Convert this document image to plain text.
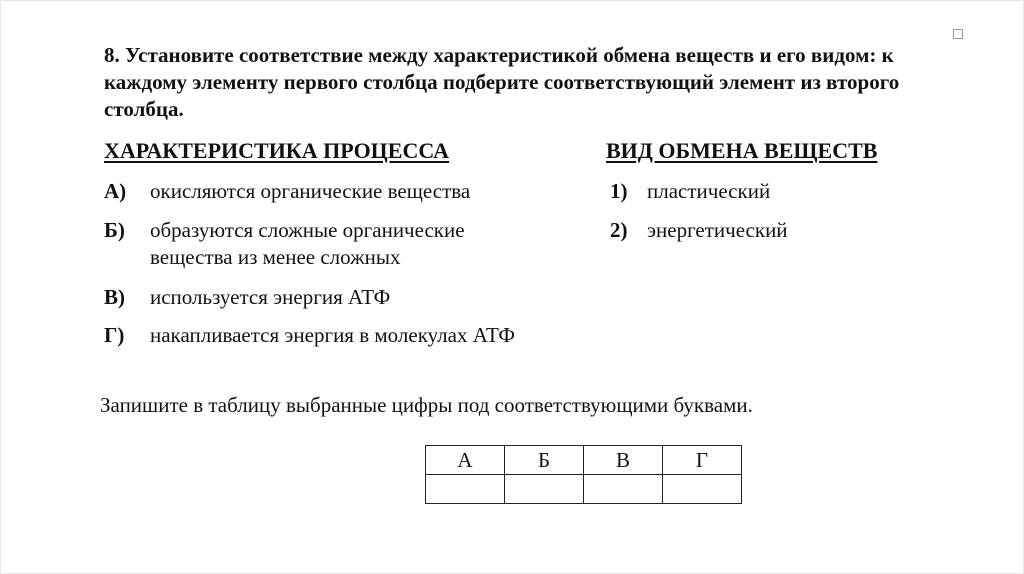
8. Установите соответствие между характеристикой обмена веществ и его видом: к каждому элементу первого столбца подберите соответствующий элемент из второго столбца.
ХАРАКТЕРИСТИКА ПРОЦЕССА	ВИД ОБМЕНА ВЕЩЕСТВ
А) окисляются органические вещества
Б) образуются сложные органические вещества из менее сложных
В) используется энергия АТФ
Г) накапливается энергия в молекулах АТФ
1) пластический
2) энергетический
Запишите в таблицу выбранные цифры под соответствующими буквами.
А	Б	В	Г
